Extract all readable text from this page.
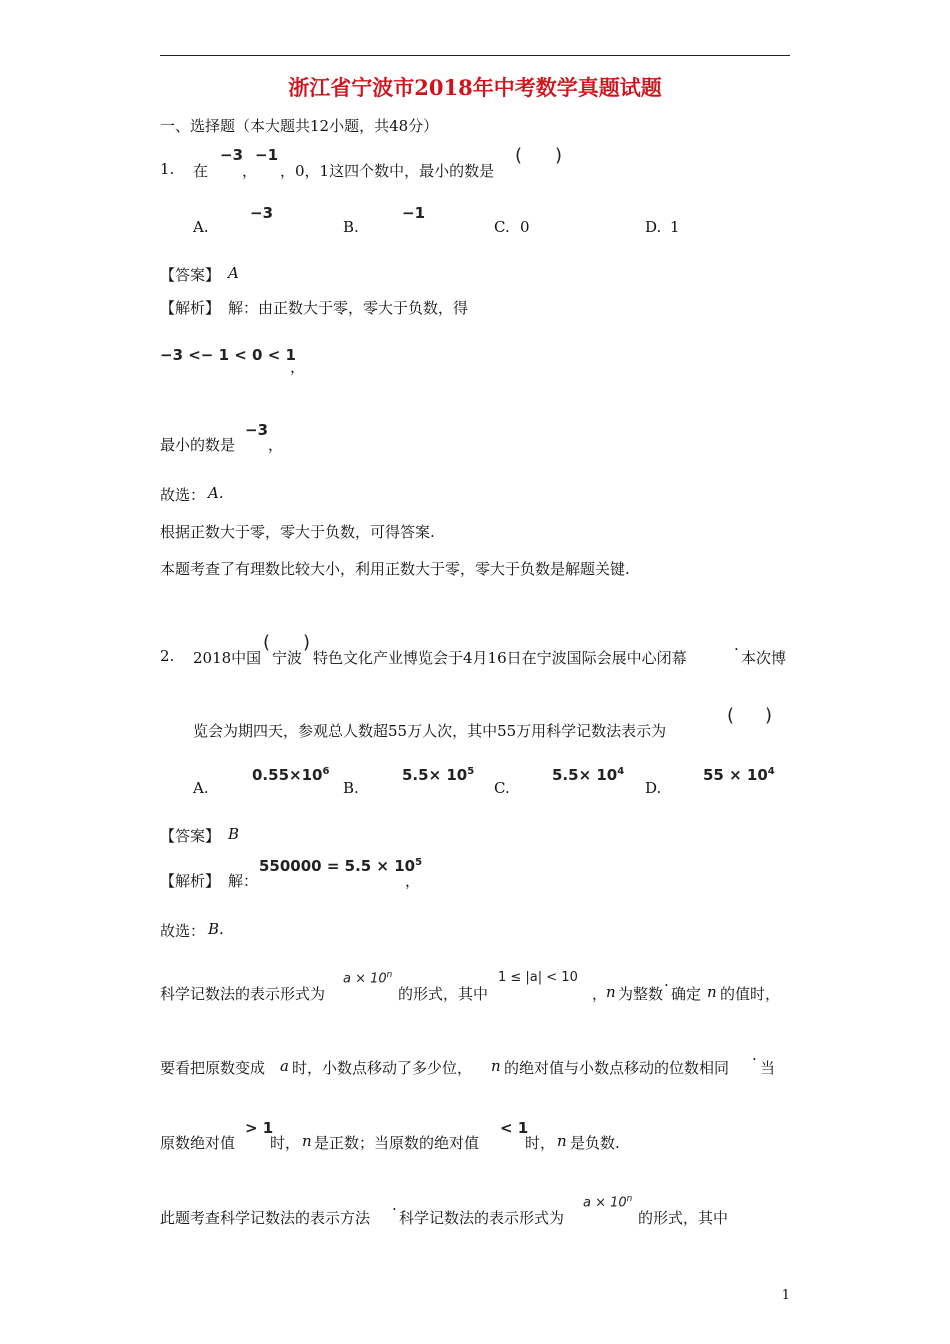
浙江省宁波市2018年中考数学真题试题
一、选择题（本大题共12小题，共48分）
1. 在
−3
，
−1
，0，1这四个数中，最小的数是
( )
A.
−3
B.
−1
C. 0	D. 1
【答案】 A
【解析】 解：由正数大于零，零大于负数，得
−3 <− 1 < 0 < 1
，
最小的数是
−3
，
故选： A.
根据正数大于零，零大于负数，可得答案.
本题考查了有理数比较大小，利用正数大于零，零大于负数是解题关键.
2. 2018中国
(
宁波
)
特色文化产业博览会于4月16日在宁波国际会展中心闭幕	· 本次博
览会为期四天，参观总人数超55万人次，其中55万用科学记数法表示为
( )
A.
$0.55\times 10^6$
B.
$5.5\times 10^5$
C.
$5.5\times 10^4$
D.
$55 \times 10^4$
【答案】 B
【解析】 解：
$550000 = 5.5 \times 10^5$
，
故选： B.
科学记数法的表示形式为
$a \times 10^n$
的形式，其中
1 ≤ |a| < 10
，
n 为整数 · 确定 n 的值时，
要看把原数变成 a 时，小数点移动了多少位， n 的绝对值与小数点移动的位数相同 · 当
原数绝对值
> 1
时， n 是正数；当原数的绝对值
< 1
时， n 是负数.
此题考查科学记数法的表示方法 · 科学记数法的表示形式为
$a \times 10^n$
的形式，其中
1
